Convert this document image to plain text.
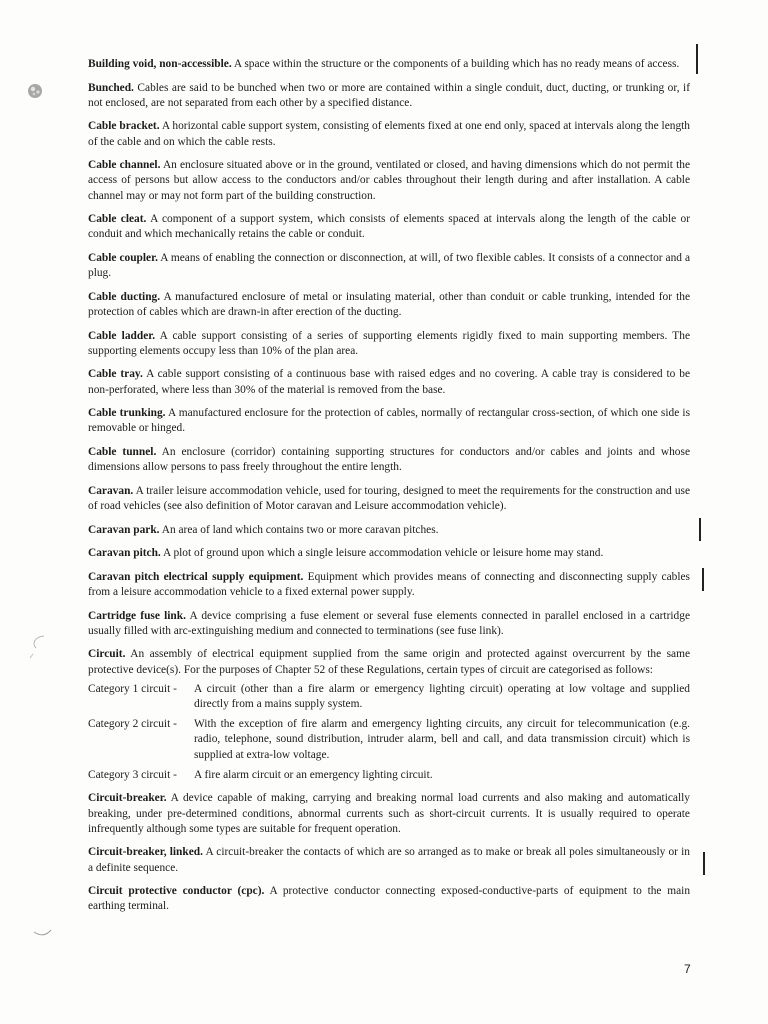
Building void, non-accessible. A space within the structure or the components of a building which has no ready means of access.

Bunched. Cables are said to be bunched when two or more are contained within a single conduit, duct, ducting, or trunking or, if not enclosed, are not separated from each other by a specified distance.

Cable bracket. A horizontal cable support system, consisting of elements fixed at one end only, spaced at intervals along the length of the cable and on which the cable rests.

Cable channel. An enclosure situated above or in the ground, ventilated or closed, and having dimensions which do not permit the access of persons but allow access to the conductors and/or cables throughout their length during and after installation. A cable channel may or may not form part of the building construction.

Cable cleat. A component of a support system, which consists of elements spaced at intervals along the length of the cable or conduit and which mechanically retains the cable or conduit.

Cable coupler. A means of enabling the connection or disconnection, at will, of two flexible cables. It consists of a connector and a plug.

Cable ducting. A manufactured enclosure of metal or insulating material, other than conduit or cable trunking, intended for the protection of cables which are drawn-in after erection of the ducting.

Cable ladder. A cable support consisting of a series of supporting elements rigidly fixed to main supporting members. The supporting elements occupy less than 10% of the plan area.

Cable tray. A cable support consisting of a continuous base with raised edges and no covering. A cable tray is considered to be non-perforated, where less than 30% of the material is removed from the base.

Cable trunking. A manufactured enclosure for the protection of cables, normally of rectangular cross-section, of which one side is removable or hinged.

Cable tunnel. An enclosure (corridor) containing supporting structures for conductors and/or cables and joints and whose dimensions allow persons to pass freely throughout the entire length.

Caravan. A trailer leisure accommodation vehicle, used for touring, designed to meet the requirements for the construction and use of road vehicles (see also definition of Motor caravan and Leisure accommodation vehicle).

Caravan park. An area of land which contains two or more caravan pitches.

Caravan pitch. A plot of ground upon which a single leisure accommodation vehicle or leisure home may stand.

Caravan pitch electrical supply equipment. Equipment which provides means of connecting and disconnecting supply cables from a leisure accommodation vehicle to a fixed external power supply.

Cartridge fuse link. A device comprising a fuse element or several fuse elements connected in parallel enclosed in a cartridge usually filled with arc-extinguishing medium and connected to terminations (see fuse link).

Circuit. An assembly of electrical equipment supplied from the same origin and protected against overcurrent by the same protective device(s). For the purposes of Chapter 52 of these Regulations, certain types of circuit are categorised as follows:

Category 1 circuit -	A circuit (other than a fire alarm or emergency lighting circuit) operating at low voltage and supplied directly from a mains supply system.
Category 2 circuit -	With the exception of fire alarm and emergency lighting circuits, any circuit for telecommunication (e.g. radio, telephone, sound distribution, intruder alarm, bell and call, and data transmission circuit) which is supplied at extra-low voltage.
Category 3 circuit -	A fire alarm circuit or an emergency lighting circuit.

Circuit-breaker. A device capable of making, carrying and breaking normal load currents and also making and automatically breaking, under pre-determined conditions, abnormal currents such as short-circuit currents. It is usually required to operate infrequently although some types are suitable for frequent operation.

Circuit-breaker, linked. A circuit-breaker the contacts of which are so arranged as to make or break all poles simultaneously or in a definite sequence.

Circuit protective conductor (cpc). A protective conductor connecting exposed-conductive-parts of equipment to the main earthing terminal.

7
